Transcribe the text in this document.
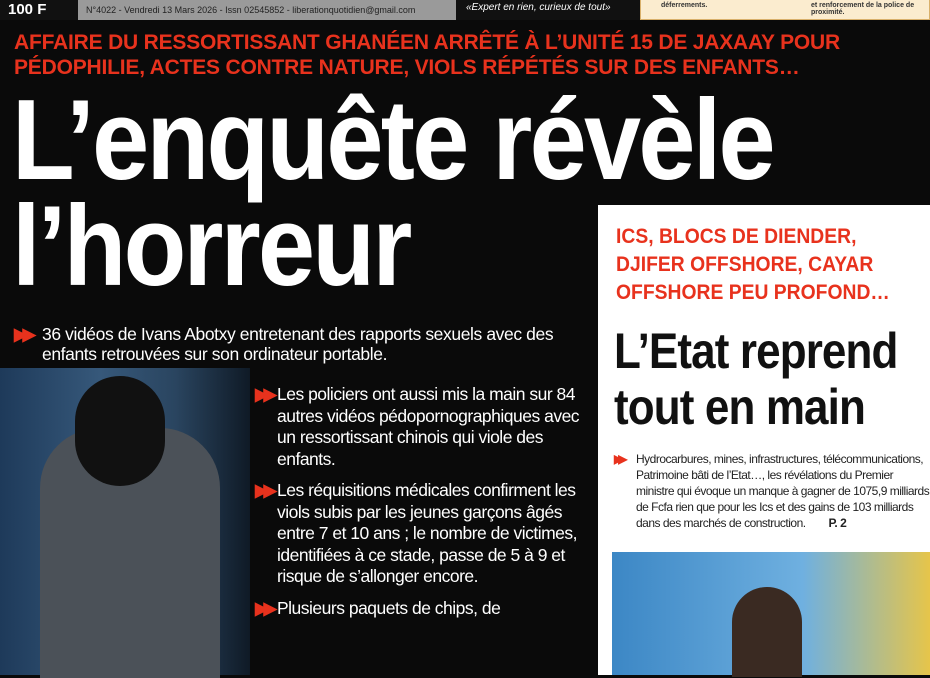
100 F	N°4022 - Vendredi 13 Mars 2026 - Issn 02545852 - liberationquotidien@gmail.com	«Expert en rien, curieux de tout»	déferrements.	et renforcement de la police de proximité.
AFFAIRE DU RESSORTISSANT GHANÉEN ARRÊTÉ À L’UNITÉ 15 DE JAXAAY POUR PÉDOPHILIE, ACTES CONTRE NATURE, VIOLS RÉPÉTÉS SUR DES ENFANTS…
L’enquête révèle
l’horreur
▶▶ 36 vidéos de Ivans Abotxy entretenant des rapports sexuels avec des enfants retrouvées sur son ordinateur portable.
▶▶ Les policiers ont aussi mis la main sur 84 autres vidéos pédopornographiques avec un ressortissant chinois qui viole des enfants.
▶▶ Les réquisitions médicales confirment les viols subis par les jeunes garçons âgés entre 7 et 10 ans ; le nombre de victimes, identifiées à ce stade, passe de 5 à 9 et risque de s’allonger encore.
▶▶ Plusieurs paquets de chips, de
ICS, BLOCS DE DIENDER, DJIFER OFFSHORE, CAYAR OFFSHORE PEU PROFOND…
L’Etat reprend
tout en main
▶▶ Hydrocarbures, mines, infrastructures, télécommunications, Patrimoine bâti de l’Etat…, les révélations du Premier ministre qui évoque un manque à gagner de 1075,9 milliards de Fcfa rien que pour les Ics et des gains de 103 milliards dans des marchés de construction. P. 2
